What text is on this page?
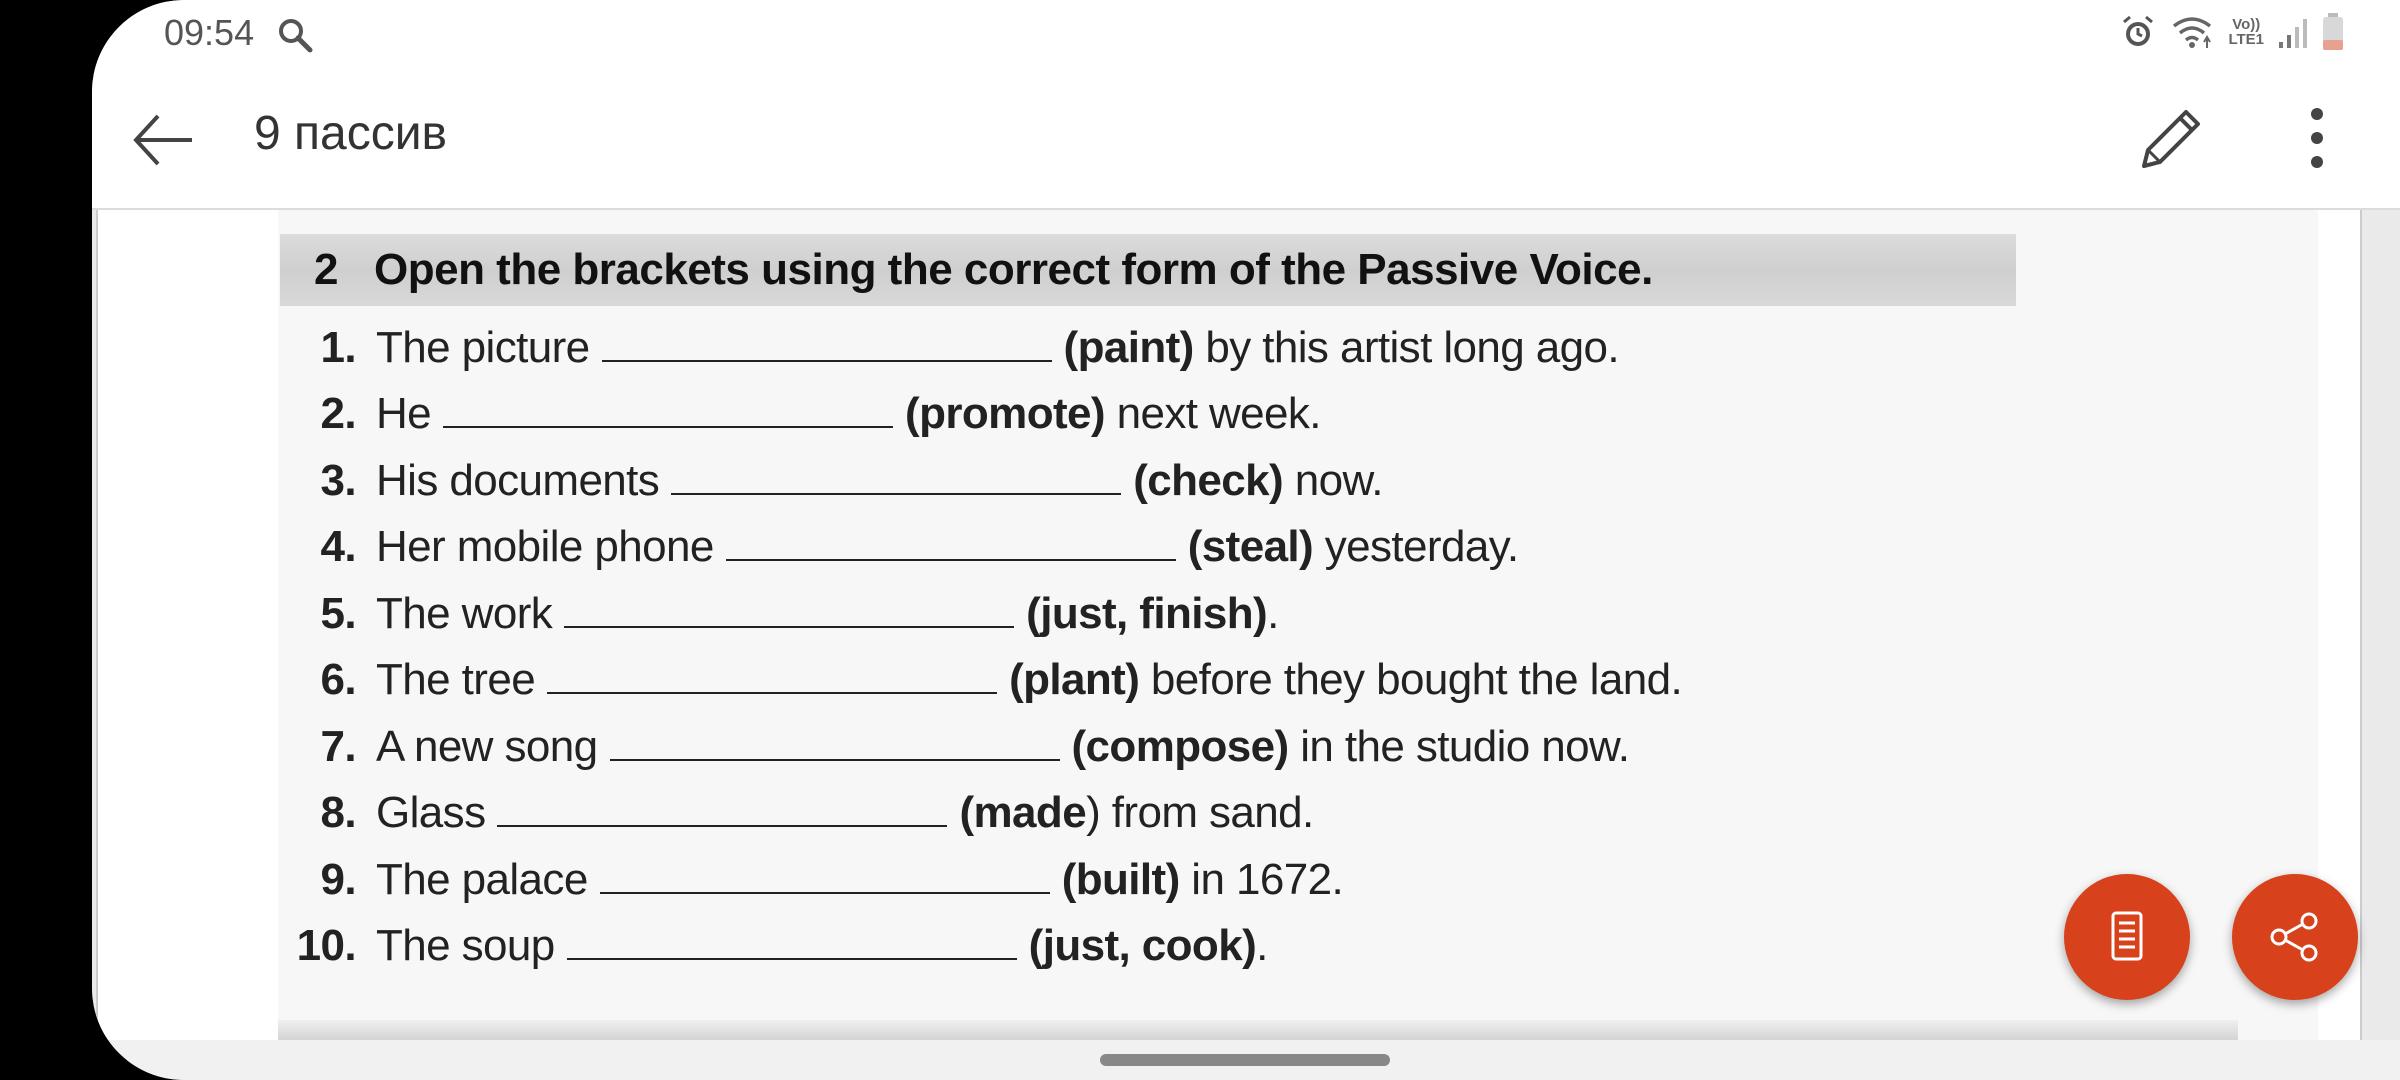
09:54	Vo))
LTE1
9 пассив
2 Open the brackets using the correct form of the Passive Voice.
1. The picture	(paint) by this artist long ago.
2. He	(promote) next week.
3. His documents	(check) now.
4. Her mobile phone	(steal) yesterday.
5. The work	(just, finish) .
6. The tree	(plant) before they bought the land.
7. A new song	(compose) in the studio now.
8. Glass	(made ) from sand.
9. The palace	(built) in 1672.
10. The soup	(just, cook) .
